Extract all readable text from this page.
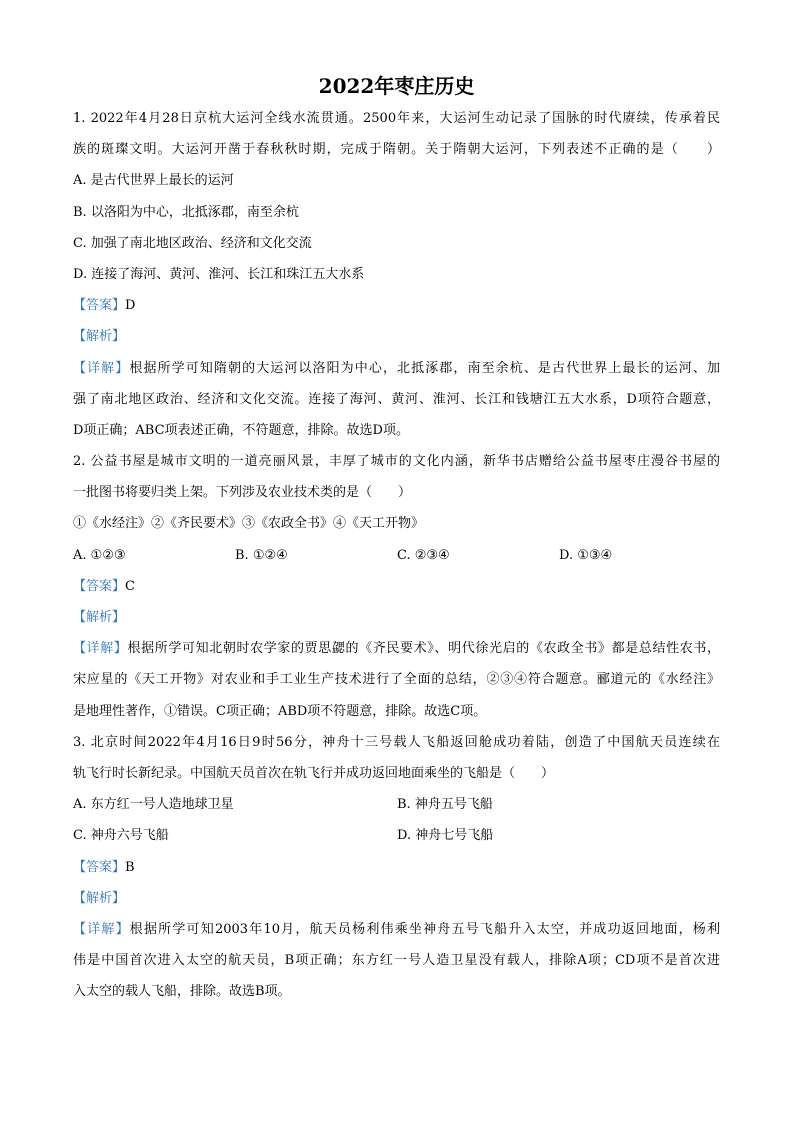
2022年枣庄历史
1. 2022年4月28日京杭大运河全线水流贯通。2500年来，大运河生动记录了国脉的时代赓续，传承着民
族的斑璨文明。大运河开凿于春秋秋时期，完成于隋朝。关于隋朝大运河，下列表述不正确的是（　　）
A. 是古代世界上最长的运河
B. 以洛阳为中心，北抵涿郡，南至余杭
C. 加强了南北地区政治、经济和文化交流
D. 连接了海河、黄河、淮河、长江和珠江五大水系
【答案】D
【解析】
【详解】根据所学可知隋朝的大运河以洛阳为中心，北抵涿郡，南至余杭、是古代世界上最长的运河、加
强了南北地区政治、经济和文化交流。连接了海河、黄河、淮河、长江和钱塘江五大水系，D项符合题意，
D项正确；ABC项表述正确，不符题意，排除。故选D项。
2. 公益书屋是城市文明的一道亮丽风景，丰厚了城市的文化内涵，新华书店赠给公益书屋枣庄漫谷书屋的
一批图书将要归类上架。下列涉及农业技术类的是（　　）
①《水经注》②《齐民要术》③《农政全书》④《天工开物》
A. ①②③	B. ①②④	C. ②③④	D. ①③④
【答案】C
【解析】
【详解】根据所学可知北朝时农学家的贾思勰的《齐民要术》、明代徐光启的《农政全书》都是总结性农书，
宋应星的《天工开物》对农业和手工业生产技术进行了全面的总结，②③④符合题意。郦道元的《水经注》
是地理性著作，①错误。C项正确；ABD项不符题意，排除。故选C项。
3. 北京时间2022年4月16日9时56分，神舟十三号载人飞船返回舱成功着陆，创造了中国航天员连续在
轨飞行时长新纪录。中国航天员首次在轨飞行并成功返回地面乘坐的飞船是（　　）
A. 东方红一号人造地球卫星	B. 神舟五号飞船
C. 神舟六号飞船	D. 神舟七号飞船
【答案】B
【解析】
【详解】根据所学可知2003年10月，航天员杨利伟乘坐神舟五号飞船升入太空，并成功返回地面，杨利
伟是中国首次进入太空的航天员，B项正确；东方红一号人造卫星没有载人，排除A项；CD项不是首次进
入太空的载人飞船，排除。故选B项。
